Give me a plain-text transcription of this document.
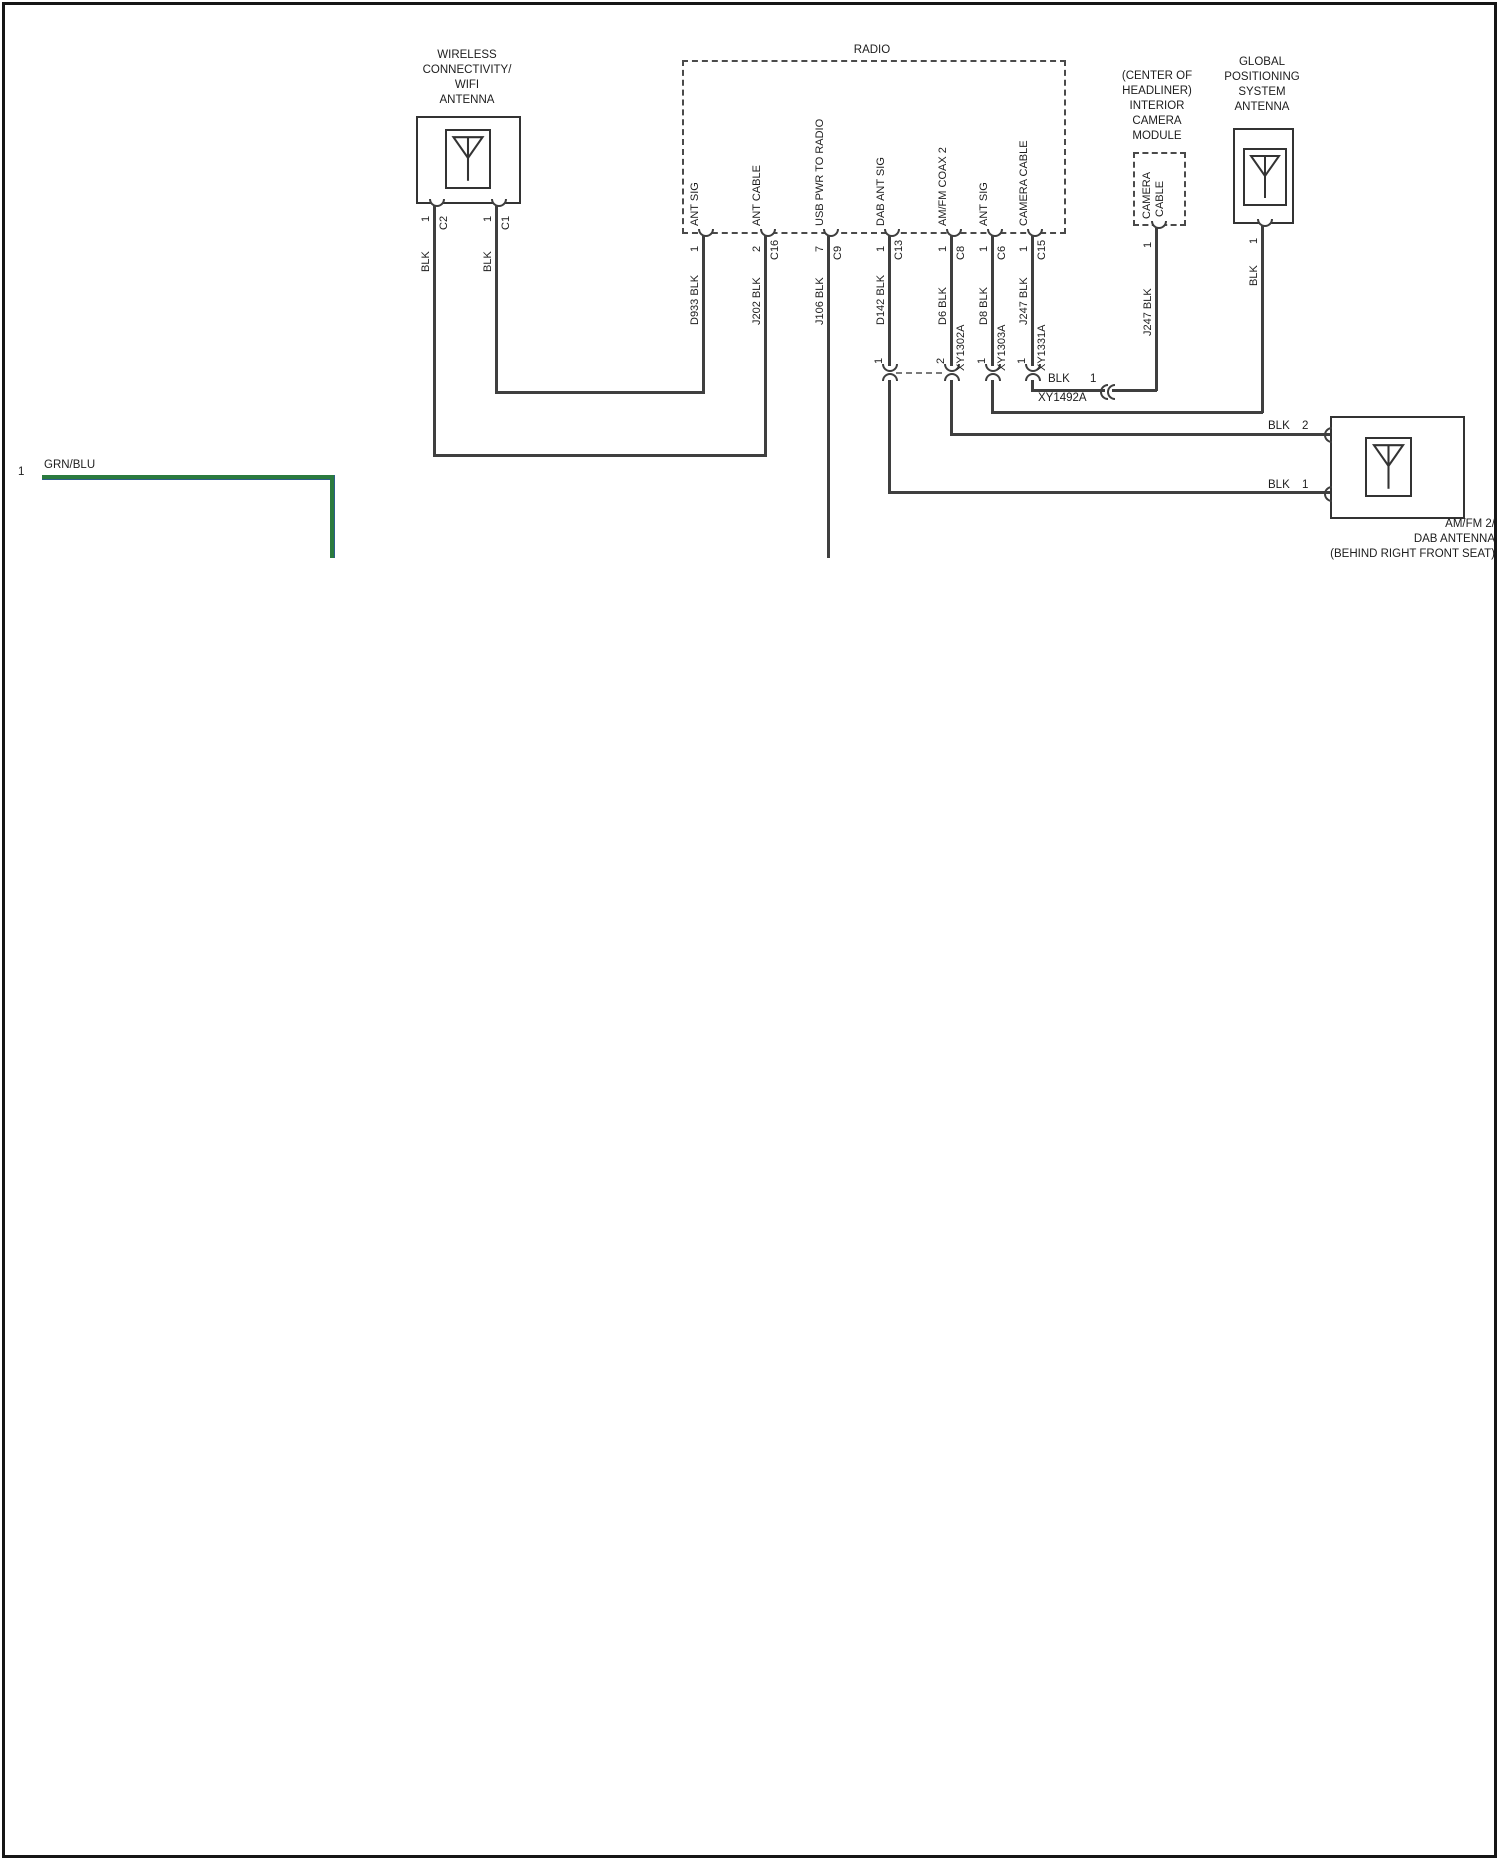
WIRELESS
CONNECTIVITY/
WIFI
ANTENNA
1 C2
BLK
1 C1
BLK
RADIO
ANT SIG	ANT CABLE	USB PWR TO RADIO	DAB ANT SIG	AM/FM COAX 2	ANT SIG	CAMERA CABLE
1	2	7	1	1	1	1
C16	C9	C13	C8	C6	C15
D933 BLK	J202 BLK	J106 BLK	D142 BLK	D6 BLK	D8 BLK	J247 BLK
1	2	1	1
XY1302A	XY1303A	XY1331A
BLK 1
XY1492A
(CENTER OF
HEADLINER)
INTERIOR
CAMERA
MODULE
CAMERA CABLE
1
J247 BLK
GLOBAL
POSITIONING
SYSTEM
ANTENNA
1
BLK
BLK 2
BLK 1
AM/FM 2/
DAB ANTENNA
(BEHIND RIGHT FRONT SEAT)
1
GRN/BLU
